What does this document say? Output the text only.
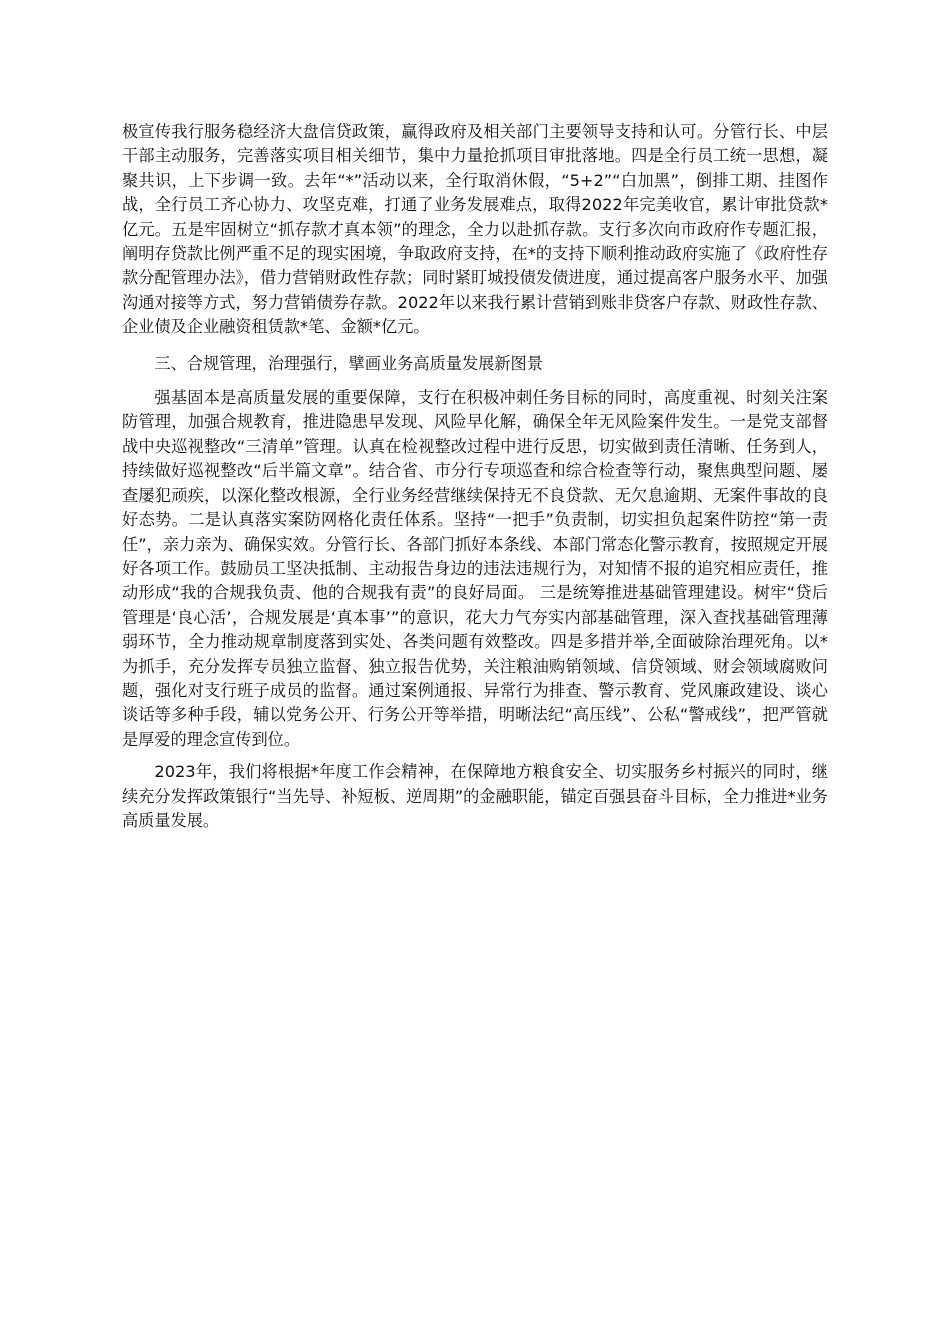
极宣传我行服务稳经济大盘信贷政策，赢得政府及相关部门主要领导支持和认可。分管行长、中层干部主动服务，完善落实项目相关细节，集中力量抢抓项目审批落地。四是全行员工统一思想，凝聚共识，上下步调一致。去年“*”活动以来，全行取消休假，“5+2”“白加黑”，倒排工期、挂图作战，全行员工齐心协力、攻坚克难，打通了业务发展难点，取得2022年完美收官，累计审批贷款*亿元。五是牢固树立“抓存款才真本领”的理念，全力以赴抓存款。支行多次向市政府作专题汇报，阐明存贷款比例严重不足的现实困境，争取政府支持，在*的支持下顺利推动政府实施了《政府性存款分配管理办法》，借力营销财政性存款；同时紧盯城投债发债进度，通过提高客户服务水平、加强沟通对接等方式，努力营销债券存款。2022年以来我行累计营销到账非贷客户存款、财政性存款、企业债及企业融资租赁款*笔、金额*亿元。

三、合规管理，治理强行，擘画业务高质量发展新图景

强基固本是高质量发展的重要保障，支行在积极冲刺任务目标的同时，高度重视、时刻关注案防管理，加强合规教育，推进隐患早发现、风险早化解，确保全年无风险案件发生。一是党支部督战中央巡视整改“三清单”管理。认真在检视整改过程中进行反思，切实做到责任清晰、任务到人，持续做好巡视整改“后半篇文章”。结合省、市分行专项巡查和综合检查等行动，聚焦典型问题、屡查屡犯顽疾，以深化整改根源，全行业务经营继续保持无不良贷款、无欠息逾期、无案件事故的良好态势。二是认真落实案防网格化责任体系。坚持“一把手”负责制，切实担负起案件防控“第一责任”，亲力亲为、确保实效。分管行长、各部门抓好本条线、本部门常态化警示教育，按照规定开展好各项工作。鼓励员工坚决抵制、主动报告身边的违法违规行为，对知情不报的追究相应责任，推动形成“我的合规我负责、他的合规我有责”的良好局面。 三是统筹推进基础管理建设。树牢“贷后管理是‘良心活’，合规发展是‘真本事’”的意识，花大力气夯实内部基础管理，深入查找基础管理薄弱环节，全力推动规章制度落到实处、各类问题有效整改。四是多措并举,全面破除治理死角。以*为抓手，充分发挥专员独立监督、独立报告优势，关注粮油购销领域、信贷领域、财会领域腐败问题，强化对支行班子成员的监督。通过案例通报、异常行为排查、警示教育、党风廉政建设、谈心谈话等多种手段，辅以党务公开、行务公开等举措，明晰法纪“高压线”、公私“警戒线”，把严管就是厚爱的理念宣传到位。

2023年，我们将根据*年度工作会精神，在保障地方粮食安全、切实服务乡村振兴的同时，继续充分发挥政策银行“当先导、补短板、逆周期”的金融职能，锚定百强县奋斗目标，全力推进*业务高质量发展。
